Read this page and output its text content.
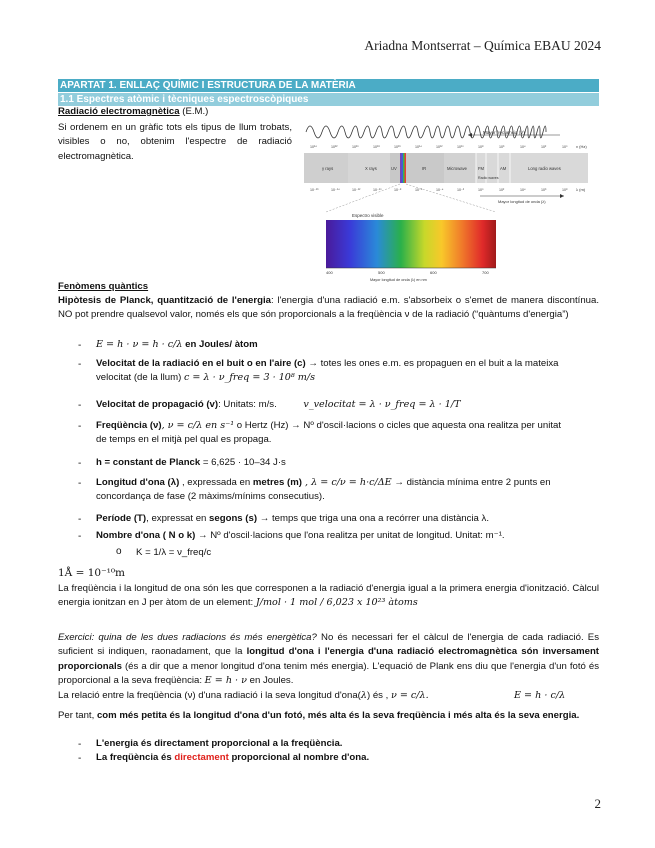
Ariadna Montserrat – Química EBAU 2024
APARTAT 1. ENLLAÇ QUÍMIC I ESTRUCTURA DE LA MATÈRIA
1.1 Espectres atòmic i tècniques espectroscòpiques
Radiació electromagnètica (E.M.)
Si ordenem en un gràfic tots els tipus de llum trobats, visibles o no, obtenim l'espectre de radiació electromagnètica.
Mayor frecuencia (V)
10²⁴	10²²	10²⁰	10¹⁸	10¹⁶	10¹⁴	10¹²	10¹⁰	10⁸	10⁶	10⁴	10²	10⁰ v (Hz)
γ rays	X rays	UV	IR	Microwave	FM	AM	Long radio waves
Radio waves
10⁻¹⁶	10⁻¹⁴	10⁻¹²	10⁻¹⁰	10⁻⁸	10⁻⁶	10⁻⁴	10⁻²	10⁰	10²	10⁴	10⁶	10⁸ λ (m)
Mayor longitud de onda (λ)
Espectro visible
400	500	600	700
Mayor longitud de onda (λ) en nm
Fenòmens quàntics
Hipòtesis de Planck, quantització de l'energia: l'energia d'una radiació e.m. s'absorbeix o s'emet de manera discontínua. NO pot prendre qualsevol valor, només els que són proporcionals a la freqüència ν de la radiació (“quàntums d'energia”)
- E = h · ν = h · c/λ en Joules/ àtom
- Velocitat de la radiació en el buit o en l'aire (c) → totes les ones e.m. es propaguen en el buit a la mateixa
velocitat (de la llum) c = λ · ν_freq = 3 · 10⁸ m/s
- Velocitat de propagació (v): Unitats: m/s.	v_velocitat = λ · ν_freq = λ · 1/T
- Freqüència (ν), ν = c/λ en s⁻¹ o Hertz (Hz) → Nº d'oscil·lacions o cicles que aquesta ona realitza per unitat
de temps en el mitjà pel qual es propaga.
- h = constant de Planck = 6,625 · 10–34 J·s
- Longitud d'ona (λ) , expressada en metres (m) , λ = c/ν = h·c/ΔE → distància mínima entre 2 punts en
concordança de fase (2 màxims/mínims consecutius).
- Període (T), expressat en segons (s) → temps que triga una ona a recórrer una distància λ.
- Nombre d'ona ( N o k) → Nº d'oscil·lacions que l'ona realitza per unitat de longitud. Unitat: m⁻¹.
o K = 1/λ = ν_freq/c
1Å = 10⁻¹⁰m
La freqüència i la longitud de ona són les que corresponen a la radiació d'energia igual a la primera energia d'ionització. Càlcul energia ionitzan en J per àtom de un element: J/mol · 1 mol / 6,023 x 10²³ àtoms
Exercici: quina de les dues radiacions és més energètica? No és necessari fer el càlcul de l'energia de cada radiació. Es suficient si indiquen, raonadament, que la longitud d'ona i l'energia d'una radiació electromagnètica són inversament proporcionals (és a dir que a menor longitud d'ona tenim més energia). L'equació de Plank ens diu que l'energia d'un fotó és proporcional a la seva freqüència: E = h · ν en Joules.
La relació entre la freqüència (ν) d'una radiació i la seva longitud d'ona(λ) és , ν = c/λ.	E = h · c/λ
Per tant, com més petita és la longitud d'ona d'un fotó, més alta és la seva freqüència i més alta és la seva energia.
- L'energia és directament proporcional a la freqüència.
- La freqüència és directament proporcional al nombre d'ona.
2
